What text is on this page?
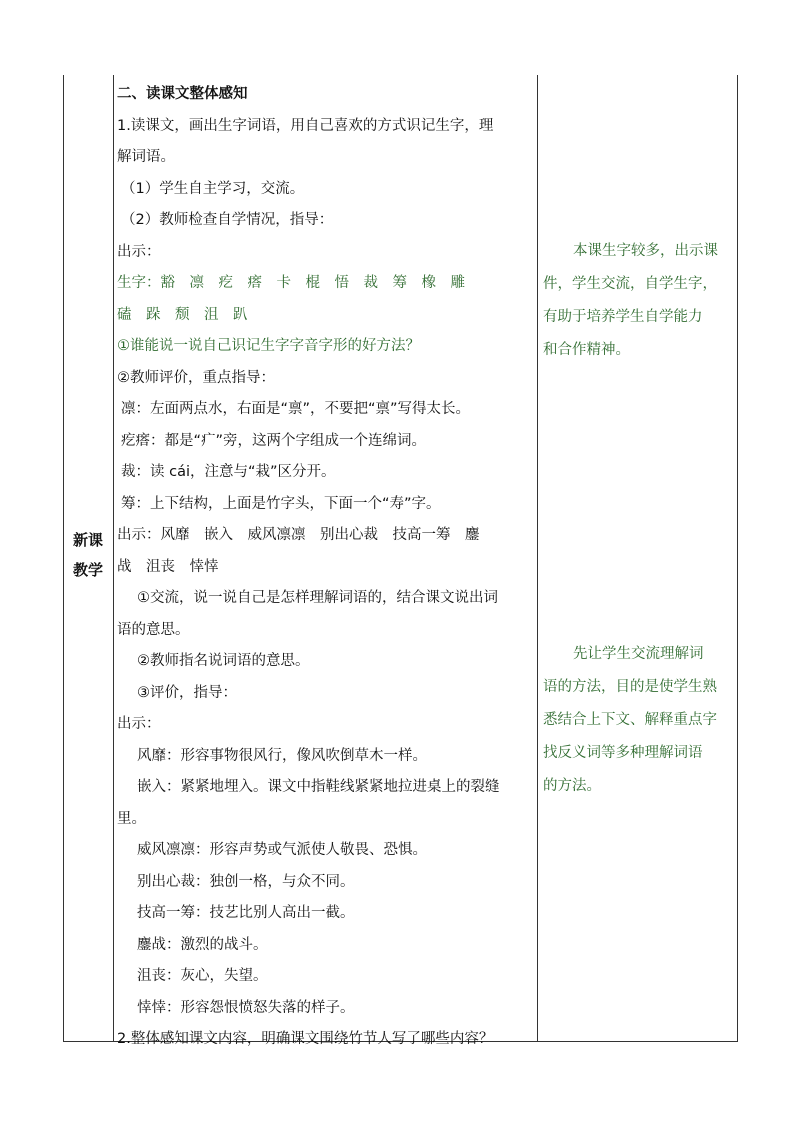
新课
教学
二、读课文整体感知
1.读课文，画出生字词语，用自己喜欢的方式识记生字，理
解词语。
（1）学生自主学习，交流。
（2）教师检查自学情况，指导：
出示：
生字：豁　凛　疙　瘩　卡　棍　悟　裁　筹　橡　雕
磕　跺　颓　沮　趴
①谁能说一说自己识记生字字音字形的好方法？
②教师评价，重点指导：
凛：左面两点水，右面是“禀”，不要把“禀”写得太长。
疙瘩：都是“疒”旁，这两个字组成一个连绵词。
裁：读 cái，注意与“栽”区分开。
筹：上下结构，上面是竹字头，下面一个“寿”字。
出示：风靡　嵌入　威风凛凛　别出心裁　技高一筹　鏖
战　沮丧　悻悻
①交流，说一说自己是怎样理解词语的，结合课文说出词
语的意思。
②教师指名说词语的意思。
③评价，指导：
出示：
风靡：形容事物很风行，像风吹倒草木一样。
嵌入：紧紧地埋入。课文中指鞋线紧紧地拉进桌上的裂缝
里。
威风凛凛：形容声势或气派使人敬畏、恐惧。
别出心裁：独创一格，与众不同。
技高一筹：技艺比别人高出一截。
鏖战：激烈的战斗。
沮丧：灰心，失望。
悻悻：形容怨恨愤怒失落的样子。
2.整体感知课文内容，明确课文围绕竹节人写了哪些内容？
本课生字较多，出示课
件，学生交流，自学生字，
有助于培养学生自学能力
和合作精神。
先让学生交流理解词
语的方法，目的是使学生熟
悉结合上下文、解释重点字
找反义词等多种理解词语
的方法。
